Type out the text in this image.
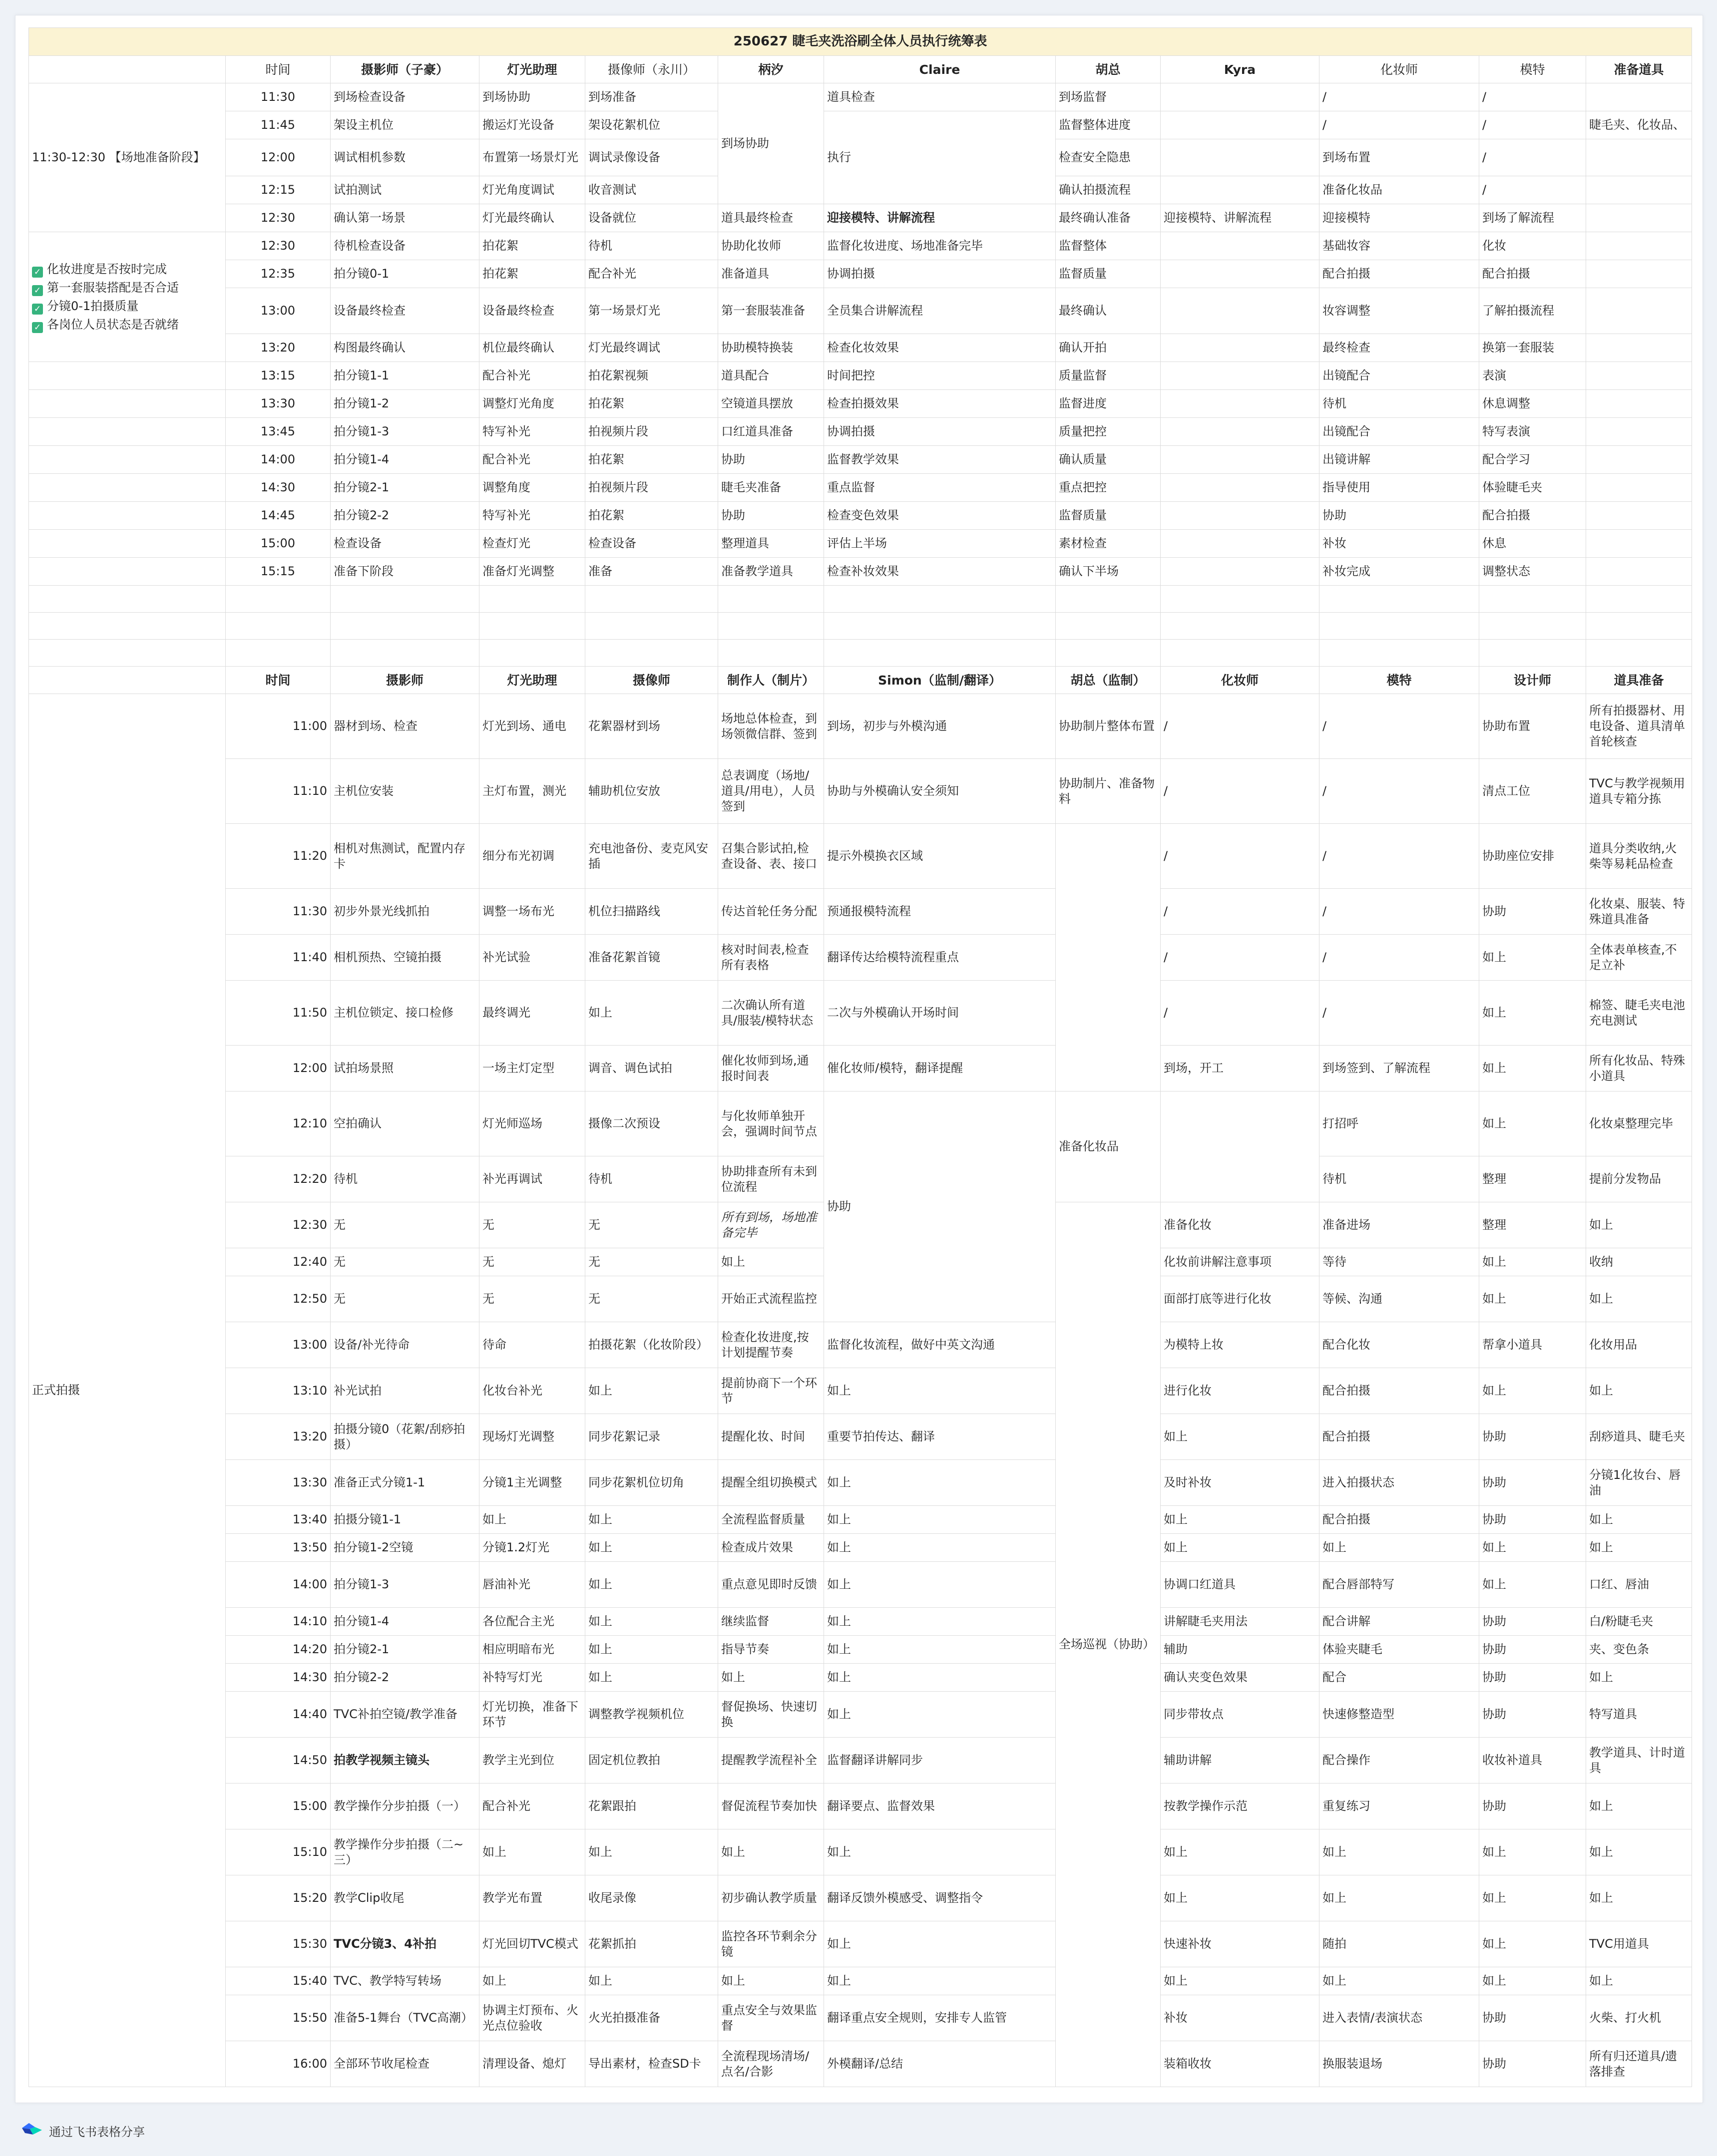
250627 睫毛夹洗浴刷全体人员执行统筹表											
	时间	摄影师（子豪）	灯光助理	摄像师（永川）	柄汐	Claire	胡总	Kyra	化妆师	模特	准备道具
11:30-12:30 【场地准备阶段】	11:30	到场检查设备	到场协助	到场准备	到场协助	道具检查	到场监督		/	/	
	11:45	架设主机位	搬运灯光设备	架设花絮机位		执行	监督整体进度		/	/	睫毛夹、化妆品、
	12:00	调试相机参数	布置第一场景灯光	调试录像设备			检查安全隐患		到场布置	/	
	12:15	试拍测试	灯光角度调试	收音测试			确认拍摄流程		准备化妆品	/	
	12:30	确认第一场景	灯光最终确认	设备就位	道具最终检查	迎接模特、讲解流程	最终确认准备	迎接模特、讲解流程	迎接模特	到场了解流程	

✓ 化妆进度是否按时完成
✓ 第一套服装搭配是否合适
✓ 分镜0-1拍摄质量
✓ 各岗位人员状态是否就绪	12:30	待机检查设备	拍花絮	待机	协助化妆师	监督化妆进度、场地准备完毕	监督整体		基础妆容	化妆	
	12:35	拍分镜0-1	拍花絮	配合补光	准备道具	协调拍摄	监督质量		配合拍摄	配合拍摄	
	13:00	设备最终检查	设备最终检查	第一场景灯光	第一套服装准备	全员集合讲解流程	最终确认		妆容调整	了解拍摄流程	
	13:20	构图最终确认	机位最终确认	灯光最终调试	协助模特换装	检查化妆效果	确认开拍		最终检查	换第一套服装	
	13:15	拍分镜1-1	配合补光	拍花絮视频	道具配合	时间把控	质量监督		出镜配合	表演	
	13:30	拍分镜1-2	调整灯光角度	拍花絮	空镜道具摆放	检查拍摄效果	监督进度		待机	休息调整	
	13:45	拍分镜1-3	特写补光	拍视频片段	口红道具准备	协调拍摄	质量把控		出镜配合	特写表演	
	14:00	拍分镜1-4	配合补光	拍花絮	协助	监督教学效果	确认质量		出镜讲解	配合学习	
	14:30	拍分镜2-1	调整角度	拍视频片段	睫毛夹准备	重点监督	重点把控		指导使用	体验睫毛夹	
	14:45	拍分镜2-2	特写补光	拍花絮	协助	检查变色效果	监督质量		协助	配合拍摄	
	15:00	检查设备	检查灯光	检查设备	整理道具	评估上半场	素材检查		补妆	休息	
	15:15	准备下阶段	准备灯光调整	准备	准备教学道具	检查补妆效果	确认下半场		补妆完成	调整状态	

	时间	摄影师	灯光助理	摄像师	制作人（制片）	Simon（监制/翻译）	胡总（监制）	化妆师	模特	设计师	道具准备
正式拍摄	11:00	器材到场、检查	灯光到场、通电	花絮器材到场	场地总体检查，到场领微信群、签到	到场，初步与外模沟通	协助制片整体布置	/	/	协助布置	所有拍摄器材、用电设备、道具清单首轮核查
	11:10	主机位安装	主灯布置，测光	辅助机位安放	总表调度（场地/道具/用电），人员签到	协助与外模确认安全须知	协助制片、准备物料	/	/	清点工位	TVC与教学视频用道具专箱分拣
	11:20	相机对焦测试，配置内存卡	细分布光初调	充电池备份、麦克风安插	召集合影试拍,检查设备、表、接口	提示外模换衣区域		/	/	协助座位安排	道具分类收纳,火柴等易耗品检查
	11:30	初步外景光线抓拍	调整一场布光	机位扫描路线	传达首轮任务分配	预通报模特流程		/	/	协助	化妆桌、服装、特殊道具准备
	11:40	相机预热、空镜拍摄	补光试验	准备花絮首镜	核对时间表,检查所有表格	翻译传达给模特流程重点		/	/	如上	全体表单核查,不足立补
	11:50	主机位锁定、接口检修	最终调光	如上	二次确认所有道具/服装/模特状态	二次与外模确认开场时间		/	/	如上	棉签、睫毛夹电池充电测试
	12:00	试拍场景照	一场主灯定型	调音、调色试拍	催化妆师到场,通报时间表	催化妆师/模特，翻译提醒		到场，开工	到场签到、了解流程	如上	所有化妆品、特殊小道具
	12:10	空拍确认	灯光师巡场	摄像二次预设	与化妆师单独开会，强调时间节点	协助	准备化妆品		打招呼	如上	化妆桌整理完毕
	12:20	待机	补光再调试	待机	协助排查所有未到位流程				待机	整理	提前分发物品
	12:30	无	无	无	所有到场，场地准备完毕		全场巡视（协助）	准备化妆	准备进场	整理	如上
	12:40	无	无	无	如上			化妆前讲解注意事项	等待	如上	收纳
	12:50	无	无	无	开始正式流程监控			面部打底等进行化妆	等候、沟通	如上	如上
	13:00	设备/补光待命	待命	拍摄花絮（化妆阶段）	检查化妆进度,按计划提醒节奏	监督化妆流程，做好中英文沟通		为模特上妆	配合化妆	帮拿小道具	化妆用品
	13:10	补光试拍	化妆台补光	如上	提前协商下一个环节	如上		进行化妆	配合拍摄	如上	如上
	13:20	拍摄分镜0（花絮/刮痧拍摄）	现场灯光调整	同步花絮记录	提醒化妆、时间	重要节拍传达、翻译		如上	配合拍摄	协助	刮痧道具、睫毛夹
	13:30	准备正式分镜1-1	分镜1主光调整	同步花絮机位切角	提醒全组切换模式	如上		及时补妆	进入拍摄状态	协助	分镜1化妆台、唇油
	13:40	拍摄分镜1-1	如上	如上	全流程监督质量	如上		如上	配合拍摄	协助	如上
	13:50	拍分镜1-2空镜	分镜1.2灯光	如上	检查成片效果	如上		如上	如上	如上	如上
	14:00	拍分镜1-3	唇油补光	如上	重点意见即时反馈	如上		协调口红道具	配合唇部特写	如上	口红、唇油
	14:10	拍分镜1-4	各位配合主光	如上	继续监督	如上		讲解睫毛夹用法	配合讲解	协助	白/粉睫毛夹
	14:20	拍分镜2-1	相应明暗布光	如上	指导节奏	如上		辅助	体验夹睫毛	协助	夹、变色条
	14:30	拍分镜2-2	补特写灯光	如上	如上	如上		确认夹变色效果	配合	协助	如上
	14:40	TVC补拍空镜/教学准备	灯光切换，准备下环节	调整教学视频机位	督促换场、快速切换	如上		同步带妆点	快速修整造型	协助	特写道具
	14:50	拍教学视频主镜头	教学主光到位	固定机位教拍	提醒教学流程补全	监督翻译讲解同步		辅助讲解	配合操作	收妆补道具	教学道具、计时道具
	15:00	教学操作分步拍摄（一）	配合补光	花絮跟拍	督促流程节奏加快	翻译要点、监督效果		按教学操作示范	重复练习	协助	如上
	15:10	教学操作分步拍摄（二~三）	如上	如上	如上	如上		如上	如上	如上	如上
	15:20	教学Clip收尾	教学光布置	收尾录像	初步确认教学质量	翻译反馈外模感受、调整指令		如上	如上	如上	如上
	15:30	TVC分镜3、4补拍	灯光回切TVC模式	花絮抓拍	监控各环节剩余分镜	如上		快速补妆	随拍	如上	TVC用道具
	15:40	TVC、教学特写转场	如上	如上	如上	如上		如上	如上	如上	如上
	15:50	准备5-1舞台（TVC高潮）	协调主灯预布、火光点位验收	火光拍摄准备	重点安全与效果监督	翻译重点安全规则，安排专人监管		补妆	进入表情/表演状态	协助	火柴、打火机
	16:00	全部环节收尾检查	清理设备、熄灯	导出素材，检查SD卡	全流程现场清场/点名/合影	外模翻译/总结		装箱收妆	换服装退场	协助	所有归还道具/遗落排查
通过飞书表格分享
